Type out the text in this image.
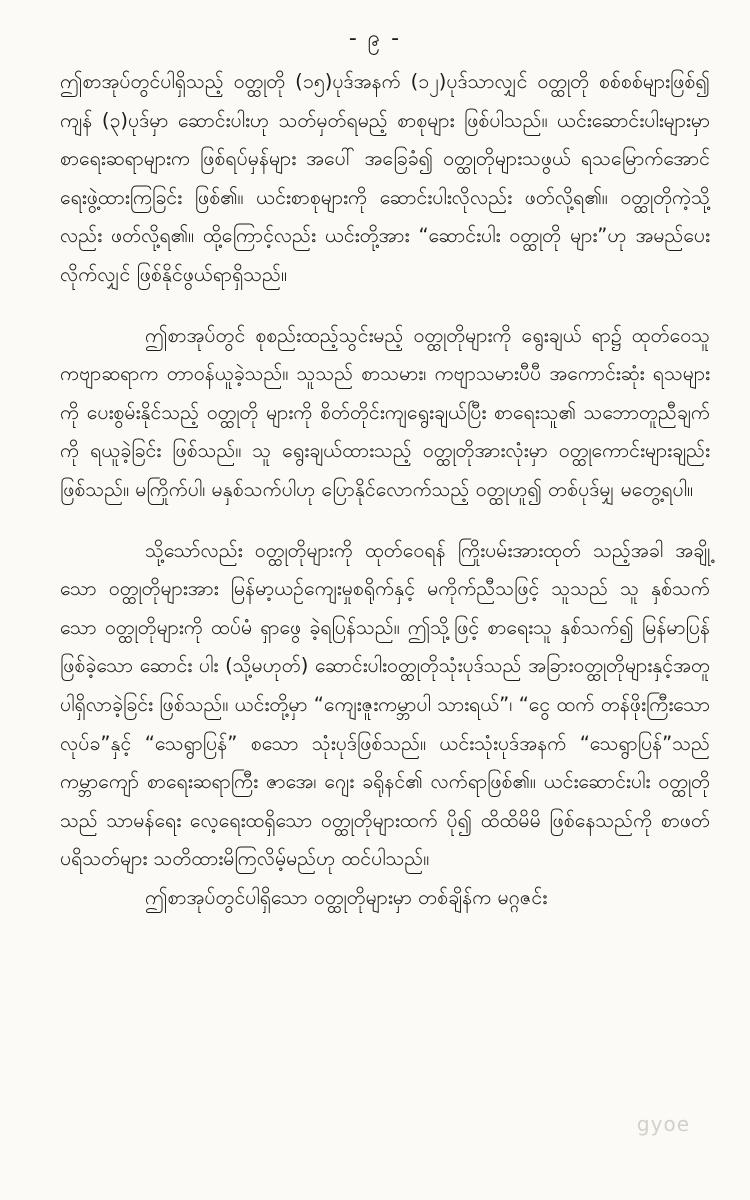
- ၉ -

ဤစာအုပ်တွင်ပါရှိသည့် ဝတ္ထုတို (၁၅)ပုဒ်အနက် (၁၂)ပုဒ်သာလျှင် ဝတ္ထုတို စစ်စစ်များဖြစ်၍ ကျန် (၃)ပုဒ်မှာ ဆောင်းပါးဟု သတ်မှတ်ရမည့် စာစုများ ဖြစ်ပါသည်။ ယင်းဆောင်းပါးများမှာ စာရေးဆရာများက ဖြစ်ရပ်မှန်များ အပေါ် အခြေခံ၍ ဝတ္ထုတိုများသဖွယ် ရသမြောက်အောင် ရေးဖွဲ့ထားကြခြင်း ဖြစ်၏။ ယင်းစာစုများကို ဆောင်းပါးလိုလည်း ဖတ်လို့ရ၏။ ဝတ္ထုတိုကဲ့သို့ လည်း ဖတ်လို့ရ၏။ ထို့ကြောင့်လည်း ယင်းတို့အား “ဆောင်းပါး ဝတ္ထုတို များ”ဟု အမည်ပေးလိုက်လျှင် ဖြစ်နိုင်ဖွယ်ရာရှိသည်။

ဤစာအုပ်တွင် စုစည်းထည့်သွင်းမည့် ဝတ္ထုတိုများကို ရွေးချယ် ရာ၌ ထုတ်ဝေသူ ကဗျာဆရာက တာဝန်ယူခဲ့သည်။ သူသည် စာသမား၊ ကဗျာသမားပီပီ အကောင်းဆုံး ရသများကို ပေးစွမ်းနိုင်သည့် ဝတ္ထုတို များကို စိတ်တိုင်းကျရွေးချယ်ပြီး စာရေးသူ၏ သဘောတူညီချက်ကို ရယူခဲ့ခြင်း ဖြစ်သည်။ သူ ရွေးချယ်ထားသည့် ဝတ္ထုတိုအားလုံးမှာ ဝတ္ထုကောင်းများချည်း ဖြစ်သည်။ မကြိုက်ပါ၊ မနှစ်သက်ပါဟု ပြောနိုင်လောက်သည့် ဝတ္ထုဟူ၍ တစ်ပုဒ်မျှ မတွေ့ရပါ။

သို့သော်လည်း ဝတ္ထုတိုများကို ထုတ်ဝေရန် ကြိုးပမ်းအားထုတ် သည့်အခါ အချို့သော ဝတ္ထုတိုများအား မြန်မာ့ယဉ်ကျေးမှုစရိုက်နှင့် မကိုက်ညီသဖြင့် သူသည် သူ နှစ်သက်သော ဝတ္ထုတိုများကို ထပ်မံ ရှာဖွေ ခဲ့ရပြန်သည်။ ဤသို့ဖြင့် စာရေးသူ နှစ်သက်၍ မြန်မာပြန်ဖြစ်ခဲ့သော ဆောင်း ပါး (သို့မဟုတ်) ဆောင်းပါးဝတ္ထုတိုသုံးပုဒ်သည် အခြားဝတ္ထုတိုများနှင့်အတူ ပါရှိလာခဲ့ခြင်း ဖြစ်သည်။ ယင်းတို့မှာ “ကျေးဇူးကမ္ဘာပါ သားရယ်”၊ “ငွေ ထက် တန်ဖိုးကြီးသောလုပ်ခ”နှင့် “သေရွာပြန်” စသော သုံးပုဒ်ဖြစ်သည်။ ယင်းသုံးပုဒ်အနက် “သေရွာပြန်”သည် ကမ္ဘာကျော် စာရေးဆရာကြီး ဇာအေ၊ ဂျေး ခရိုနင်၏ လက်ရာဖြစ်၏။ ယင်းဆောင်းပါး ဝတ္ထုတိုသည် သာမန်ရေး လေ့ရေးထရှိသော ဝတ္ထုတိုများထက် ပို၍ ထိထိမိမိ ဖြစ်နေသည်ကို စာဖတ် ပရိသတ်များ သတိထားမိကြလိမ့်မည်ဟု ထင်ပါသည်။

ဤစာအုပ်တွင်ပါရှိသော ဝတ္ထုတိုများမှာ တစ်ချိန်က မဂ္ဂဇင်း

gyoe
